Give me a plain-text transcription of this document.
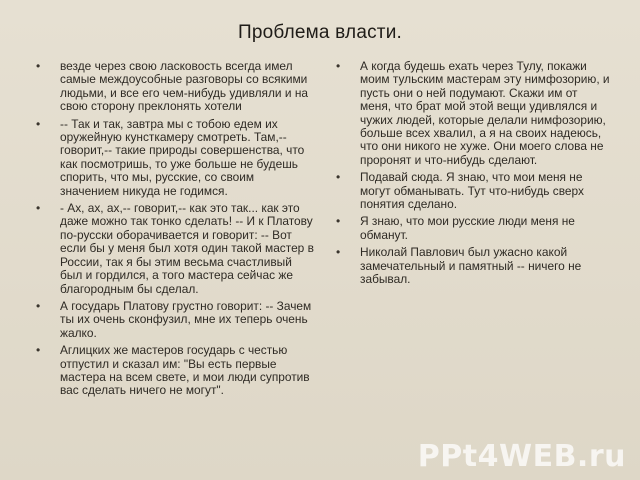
Проблема власти.
• везде через свою ласковость всегда имел самые междоусобные разговоры со всякими людьми, и все его чем-нибудь удивляли и на свою сторону преклонять хотели
• -- Так и так, завтра мы с тобою едем их оружейную кунсткамеру смотреть. Там,-- говорит,-- такие природы совершенства, что как посмотришь, то уже больше не будешь спорить, что мы, русские, со своим значением никуда не годимся.
• - Ах, ах, ах,-- говорит,-- как это так... как это даже можно так тонко сделать! -- И к Платову по-русски оборачивается и говорит: -- Вот если бы у меня был хотя один такой мастер в России, так я бы этим весьма счастливый был и гордился, а того мастера сейчас же благородным бы сделал.
• А государь Платову грустно говорит: -- Зачем ты их очень сконфузил, мне их теперь очень жалко.
• Аглицких же мастеров государь с честью отпустил и сказал им: "Вы есть первые мастера на всем свете, и мои люди супротив вас сделать ничего не могут".
• А когда будешь ехать через Тулу, покажи моим тульским мастерам эту нимфозорию, и пусть они о ней подумают. Скажи им от меня, что брат мой этой вещи удивлялся и чужих людей, которые делали нимфозорию, больше всех хвалил, а я на своих надеюсь, что они никого не хуже. Они моего слова не проронят и что-нибудь сделают.
• Подавай сюда. Я знаю, что мои меня не могут обманывать. Тут что-нибудь сверх понятия сделано.
• Я знаю, что мои русские люди меня не обманут.
• Николай Павлович был ужасно какой замечательный и памятный -- ничего не забывал.
PPt4WEB.ru
